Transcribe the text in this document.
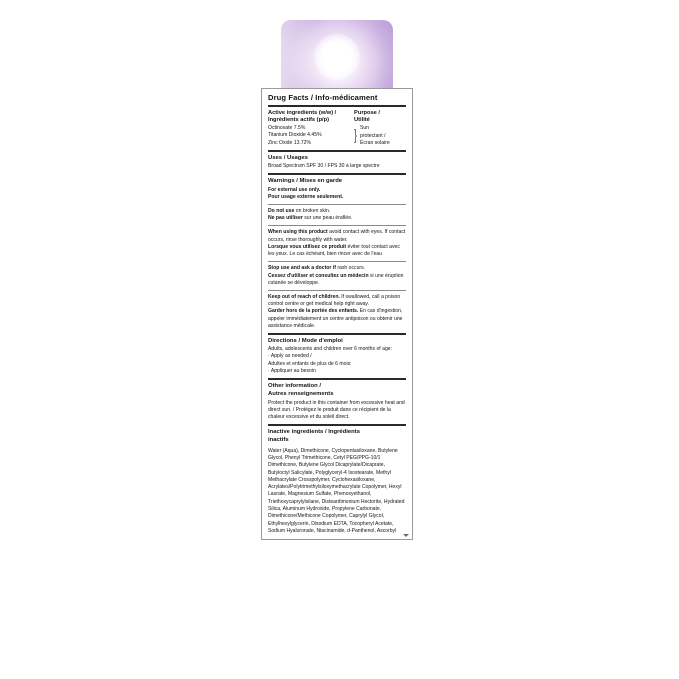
Drug Facts / Info-médicament
Active ingredients (w/w) /
Ingrédients actifs (p/p)
Purpose /
Utilité
Octinoxate 7.5%
Titanium Dioxide 4.45%
Zinc Oxide 13.72%	} Sun
protectant /
Écran solaire
Uses / Usages
Broad Spectrum SPF 30 / FPS 30 à large spectre
Warnings / Mises en garde
For external use only.
Pour usage externe seulement.
Do not use on broken skin.
Ne pas utiliser sur une peau éraflée.
When using this product avoid contact with eyes. If contact occurs, rinse thoroughly with water.
Lorsque vous utilisez ce produit éviter tout contact avec les yeux. Le cas échéant, bien rincer avec de l'eau
Stop use and ask a doctor if rash occurs.
Cessez d'utiliser et consultez un médecin si une éruption cutanée se développe.
Keep out of reach of children. If swallowed, call a poison control centre or get medical help right away.
Garder hors de la portée des enfants. En cas d'ingestion, appeler immédiatement un centre antipoison ou obtenir une assistance médicale.
Directions / Mode d'emploi
Adults, adolescents and children over 6 months of age:
· Apply as needed /
Adultes et enfants de plus de 6 mois:
· Appliquer au besoin
Other information /
Autres renseignements
Protect the product in this container from excessive heat and direct sun. / Protégez le produit dans ce récipient de la chaleur excessive et du soleil direct.
Inactive ingredients / Ingrédients
inactifs
Water (Aqua), Dimethicone, Cyclopentasiloxane, Butylene Glycol, Phenyl Trimethicone, Cetyl PEG/PPG-10/1 Dimethicone, Butylene Glycol Dicaprylate/Dicaprate, Butyloctyl Salicylate, Polyglyceryl-4 Isostearate, Methyl Methacrylate Crosspolymer, Cyclohexasiloxane, Acrylates/Polytrimethylsiloxymethacrylate Copolymer, Hexyl Laurate, Magnesium Sulfate, Phenoxyethanol, Triethoxycaprylylsilane, Disteardimonium Hectorite, Hydrated Silica, Aluminum Hydroxide, Propylene Carbonate, Dimethicone/Methicone Copolymer, Caprylyl Glycol, Ethylhexylglycerin, Disodium EDTA, Tocopheryl Acetate, Sodium Hyaluronate, Niacinamide, d-Panthenol, Ascorbyl
